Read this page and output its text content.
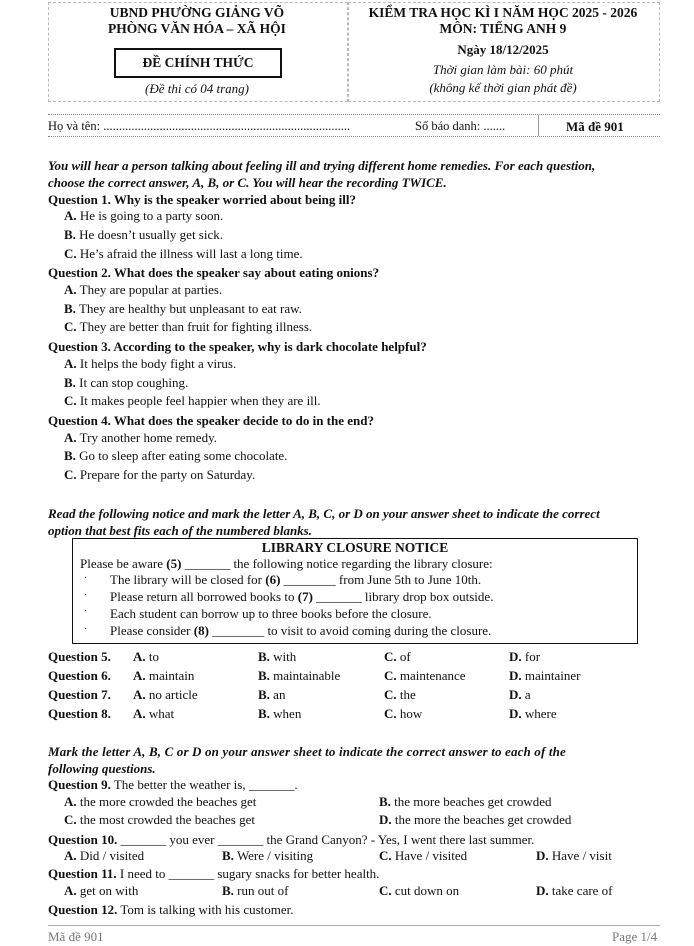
UBND PHƯỜNG GIẢNG VÕ
PHÒNG VĂN HÓA – XÃ HỘI
ĐỀ CHÍNH THỨC
(Đề thi có 04 trang)
KIỂM TRA HỌC KÌ I NĂM HỌC 2025 - 2026
MÔN: TIẾNG ANH 9
Ngày 18/12/2025
Thời gian làm bài: 60 phút
(không kể thời gian phát đề)
Họ và tên: ...............................................................................	Số báo danh: .......	Mã đề 901
You will hear a person talking about feeling ill and trying different home remedies. For each question,
choose the correct answer, A, B, or C. You will hear the recording TWICE.
Question 1. Why is the speaker worried about being ill?
A. He is going to a party soon.
B. He doesn’t usually get sick.
C. He’s afraid the illness will last a long time.
Question 2. What does the speaker say about eating onions?
A. They are popular at parties.
B. They are healthy but unpleasant to eat raw.
C. They are better than fruit for fighting illness.
Question 3. According to the speaker, why is dark chocolate helpful?
A. It helps the body fight a virus.
B. It can stop coughing.
C. It makes people feel happier when they are ill.
Question 4. What does the speaker decide to do in the end?
A. Try another home remedy.
B. Go to sleep after eating some chocolate.
C. Prepare for the party on Saturday.
Read the following notice and mark the letter A, B, C, or D on your answer sheet to indicate the correct
option that best fits each of the numbered blanks.
LIBRARY CLOSURE NOTICE
Please be aware (5) _______ the following notice regarding the library closure:
· The library will be closed for (6) ________ from June 5th to June 10th.
· Please return all borrowed books to (7) _______ library drop box outside.
· Each student can borrow up to three books before the closure.
· Please consider (8) ________ to visit to avoid coming during the closure.
Question 5. A. to	B. with	C. of	D. for
Question 6. A. maintain	B. maintainable	C. maintenance	D. maintainer
Question 7. A. no article	B. an	C. the	D. a
Question 8. A. what	B. when	C. how	D. where
Mark the letter A, B, C or D on your answer sheet to indicate the correct answer to each of the
following questions.
Question 9. The better the weather is, _______.
A. the more crowded the beaches get	B. the more beaches get crowded
C. the most crowded the beaches get	D. the more the beaches get crowded
Question 10. _______ you ever _______ the Grand Canyon? - Yes, I went there last summer.
A. Did / visited	B. Were / visiting	C. Have / visited	D. Have / visit
Question 11. I need to _______ sugary snacks for better health.
A. get on with	B. run out of	C. cut down on	D. take care of
Question 12. Tom is talking with his customer.
Mã đề 901	Page 1/4
